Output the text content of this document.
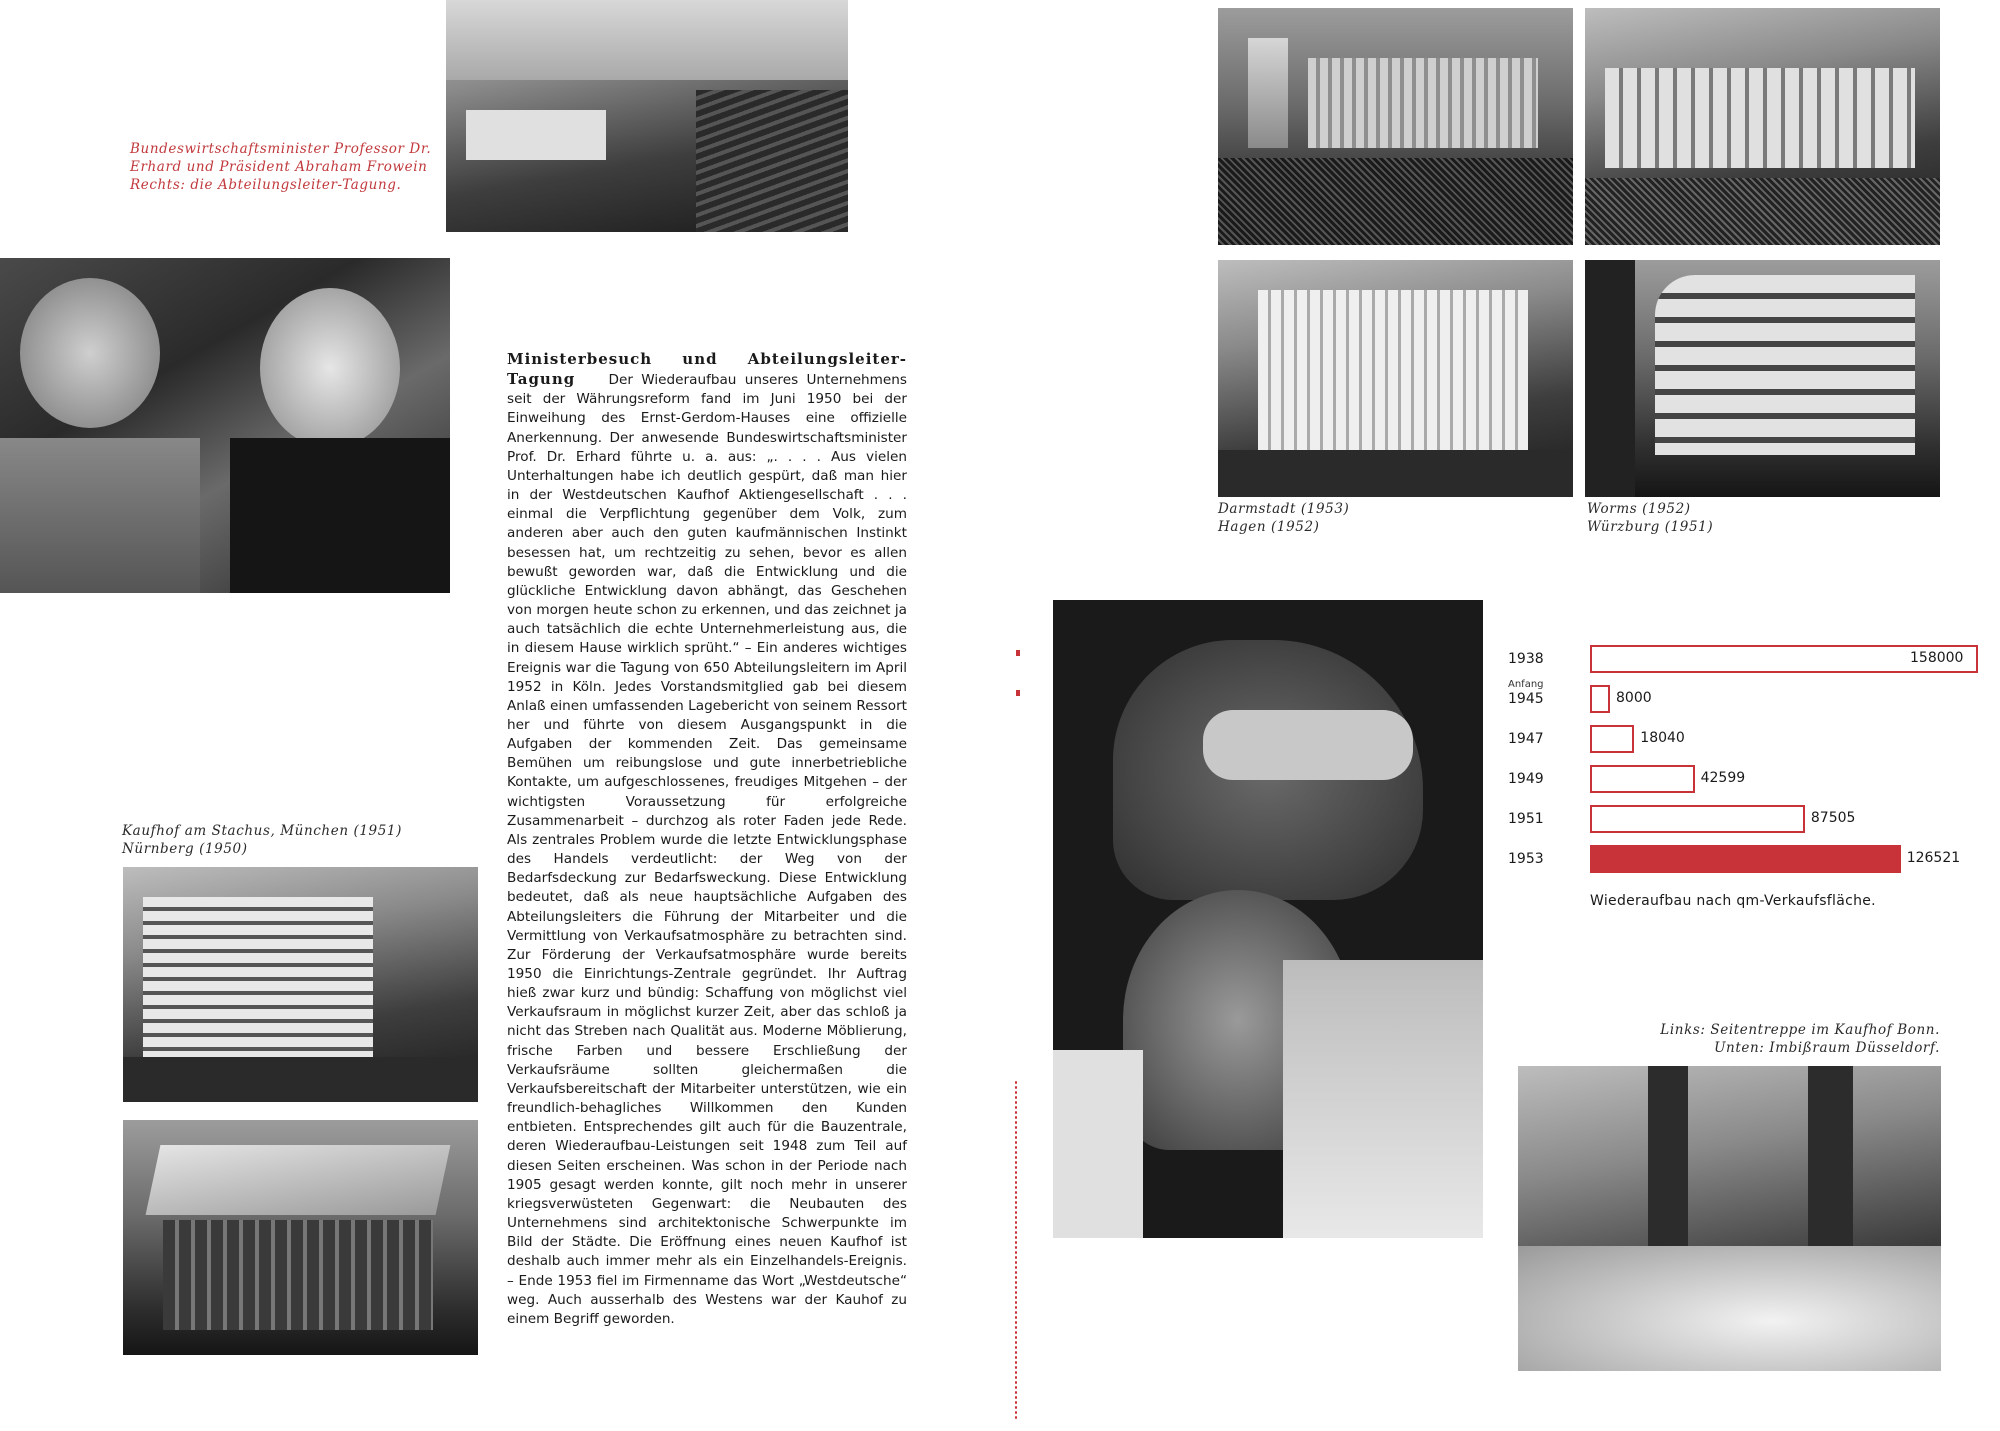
Bundeswirtschaftsminister Professor Dr.

Erhard und Präsident Abraham Frowein

Rechts: die Abteilungsleiter-Tagung.

Kaufhof am Stachus, München (1951)

Nürnberg (1950)

Ministerbesuch und Abteilungsleiter-Tagung Der Wiederaufbau unseres Unternehmens seit der Währungsreform fand im Juni 1950 bei der Einweihung des Ernst-Gerdom-Hauses eine offizielle Anerkennung. Der anwesende Bundeswirtschaftsminister Prof. Dr. Erhard führte u. a. aus: „. . . . Aus vielen Unterhaltungen habe ich deutlich gespürt, daß man hier in der Westdeutschen Kaufhof Aktiengesellschaft . . . einmal die Verpflichtung gegenüber dem Volk, zum anderen aber auch den guten kaufmännischen Instinkt besessen hat, um rechtzeitig zu sehen, bevor es allen bewußt geworden war, daß die Entwicklung und die glückliche Entwicklung davon abhängt, das Geschehen von morgen heute schon zu erkennen, und das zeichnet ja auch tatsächlich die echte Unternehmerleistung aus, die in diesem Hause wirklich sprüht.“ – Ein anderes wichtiges Ereignis war die Tagung von 650 Abteilungsleitern im April 1952 in Köln. Jedes Vorstandsmitglied gab bei diesem Anlaß einen umfassenden Lagebericht von seinem Ressort her und führte von diesem Ausgangspunkt in die Aufgaben der kommenden Zeit. Das gemeinsame Bemühen um reibungslose und gute innerbetriebliche Kontakte, um aufgeschlossenes, freudiges Mitgehen – der wichtigsten Voraussetzung für erfolgreiche Zusammenarbeit – durchzog als roter Faden jede Rede. Als zentrales Problem wurde die letzte Entwicklungsphase des Handels verdeutlicht: der Weg von der Bedarfsdeckung zur Bedarfsweckung. Diese Entwicklung bedeutet, daß als neue hauptsächliche Aufgaben des Abteilungsleiters die Führung der Mitarbeiter und die Vermittlung von Verkaufsatmosphäre zu betrachten sind. Zur Förderung der Verkaufsatmosphäre wurde bereits 1950 die Einrichtungs-Zentrale gegründet. Ihr Auftrag hieß zwar kurz und bündig: Schaffung von möglichst viel Verkaufsraum in möglichst kurzer Zeit, aber das schloß ja nicht das Streben nach Qualität aus. Moderne Möblierung, frische Farben und bessere Erschließung der Verkaufsräume sollten gleichermaßen die Verkaufsbereitschaft der Mitarbeiter unterstützen, wie ein freundlich-behagliches Willkommen den Kunden entbieten. Entsprechendes gilt auch für die Bauzentrale, deren Wiederaufbau-Leistungen seit 1948 zum Teil auf diesen Seiten erscheinen. Was schon in der Periode nach 1905 gesagt werden konnte, gilt noch mehr in unserer kriegsverwüsteten Gegenwart: die Neubauten des Unternehmens sind architektonische Schwerpunkte im Bild der Städte. Die Eröffnung eines neuen Kaufhof ist deshalb auch immer mehr als ein Einzelhandels-Ereignis. – Ende 1953 fiel im Firmenname das Wort „Westdeutsche“ weg. Auch ausserhalb des Westens war der Kauhof zu einem Begriff geworden.

Darmstadt (1953)

Hagen (1952)

Worms (1952)

Würzburg (1951)

1938	158000
Anfang
1945	8000
1947	18040
1949	42599
1951	87505
1953	126521
Wiederaufbau nach qm-Verkaufsfläche.

Links: Seitentreppe im Kaufhof Bonn.

Unten: Imbißraum Düsseldorf.
